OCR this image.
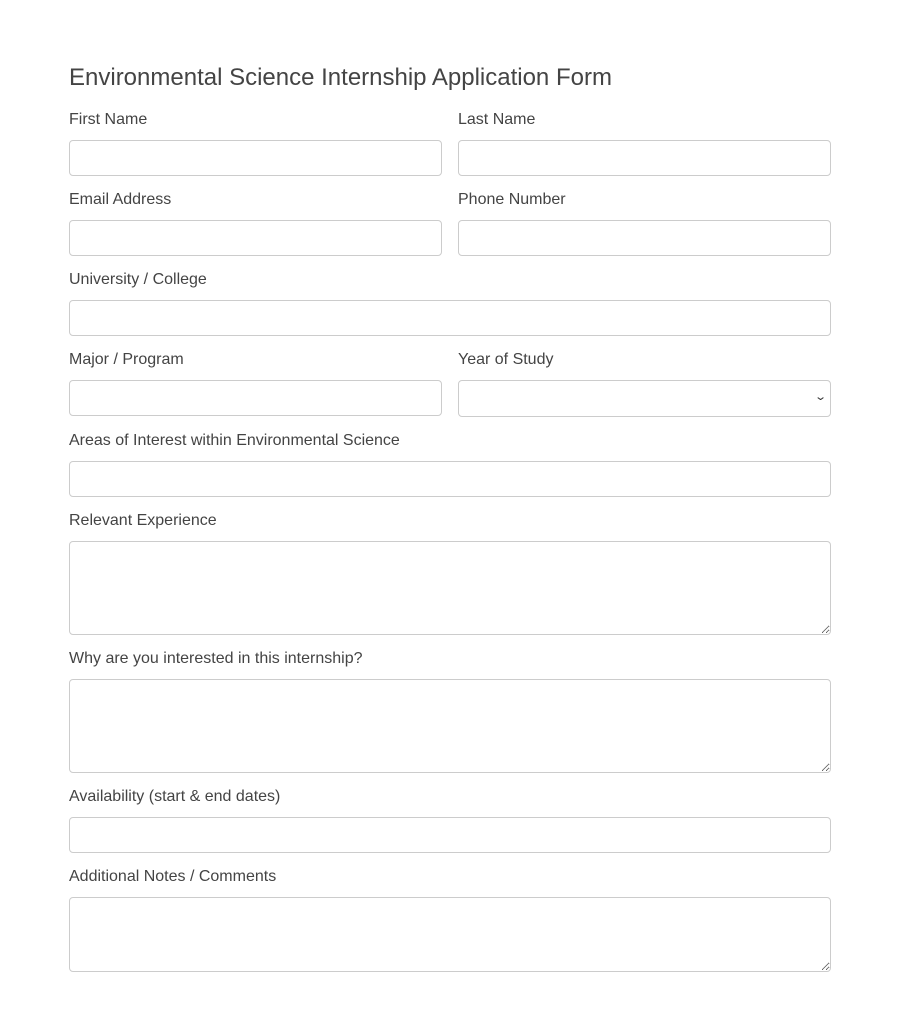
Environmental Science Internship Application Form
First Name	Last Name
Email Address	Phone Number
University / College
Major / Program	Year of Study
⌄
Areas of Interest within Environmental Science
Relevant Experience
Why are you interested in this internship?
Availability (start & end dates)
Additional Notes / Comments
